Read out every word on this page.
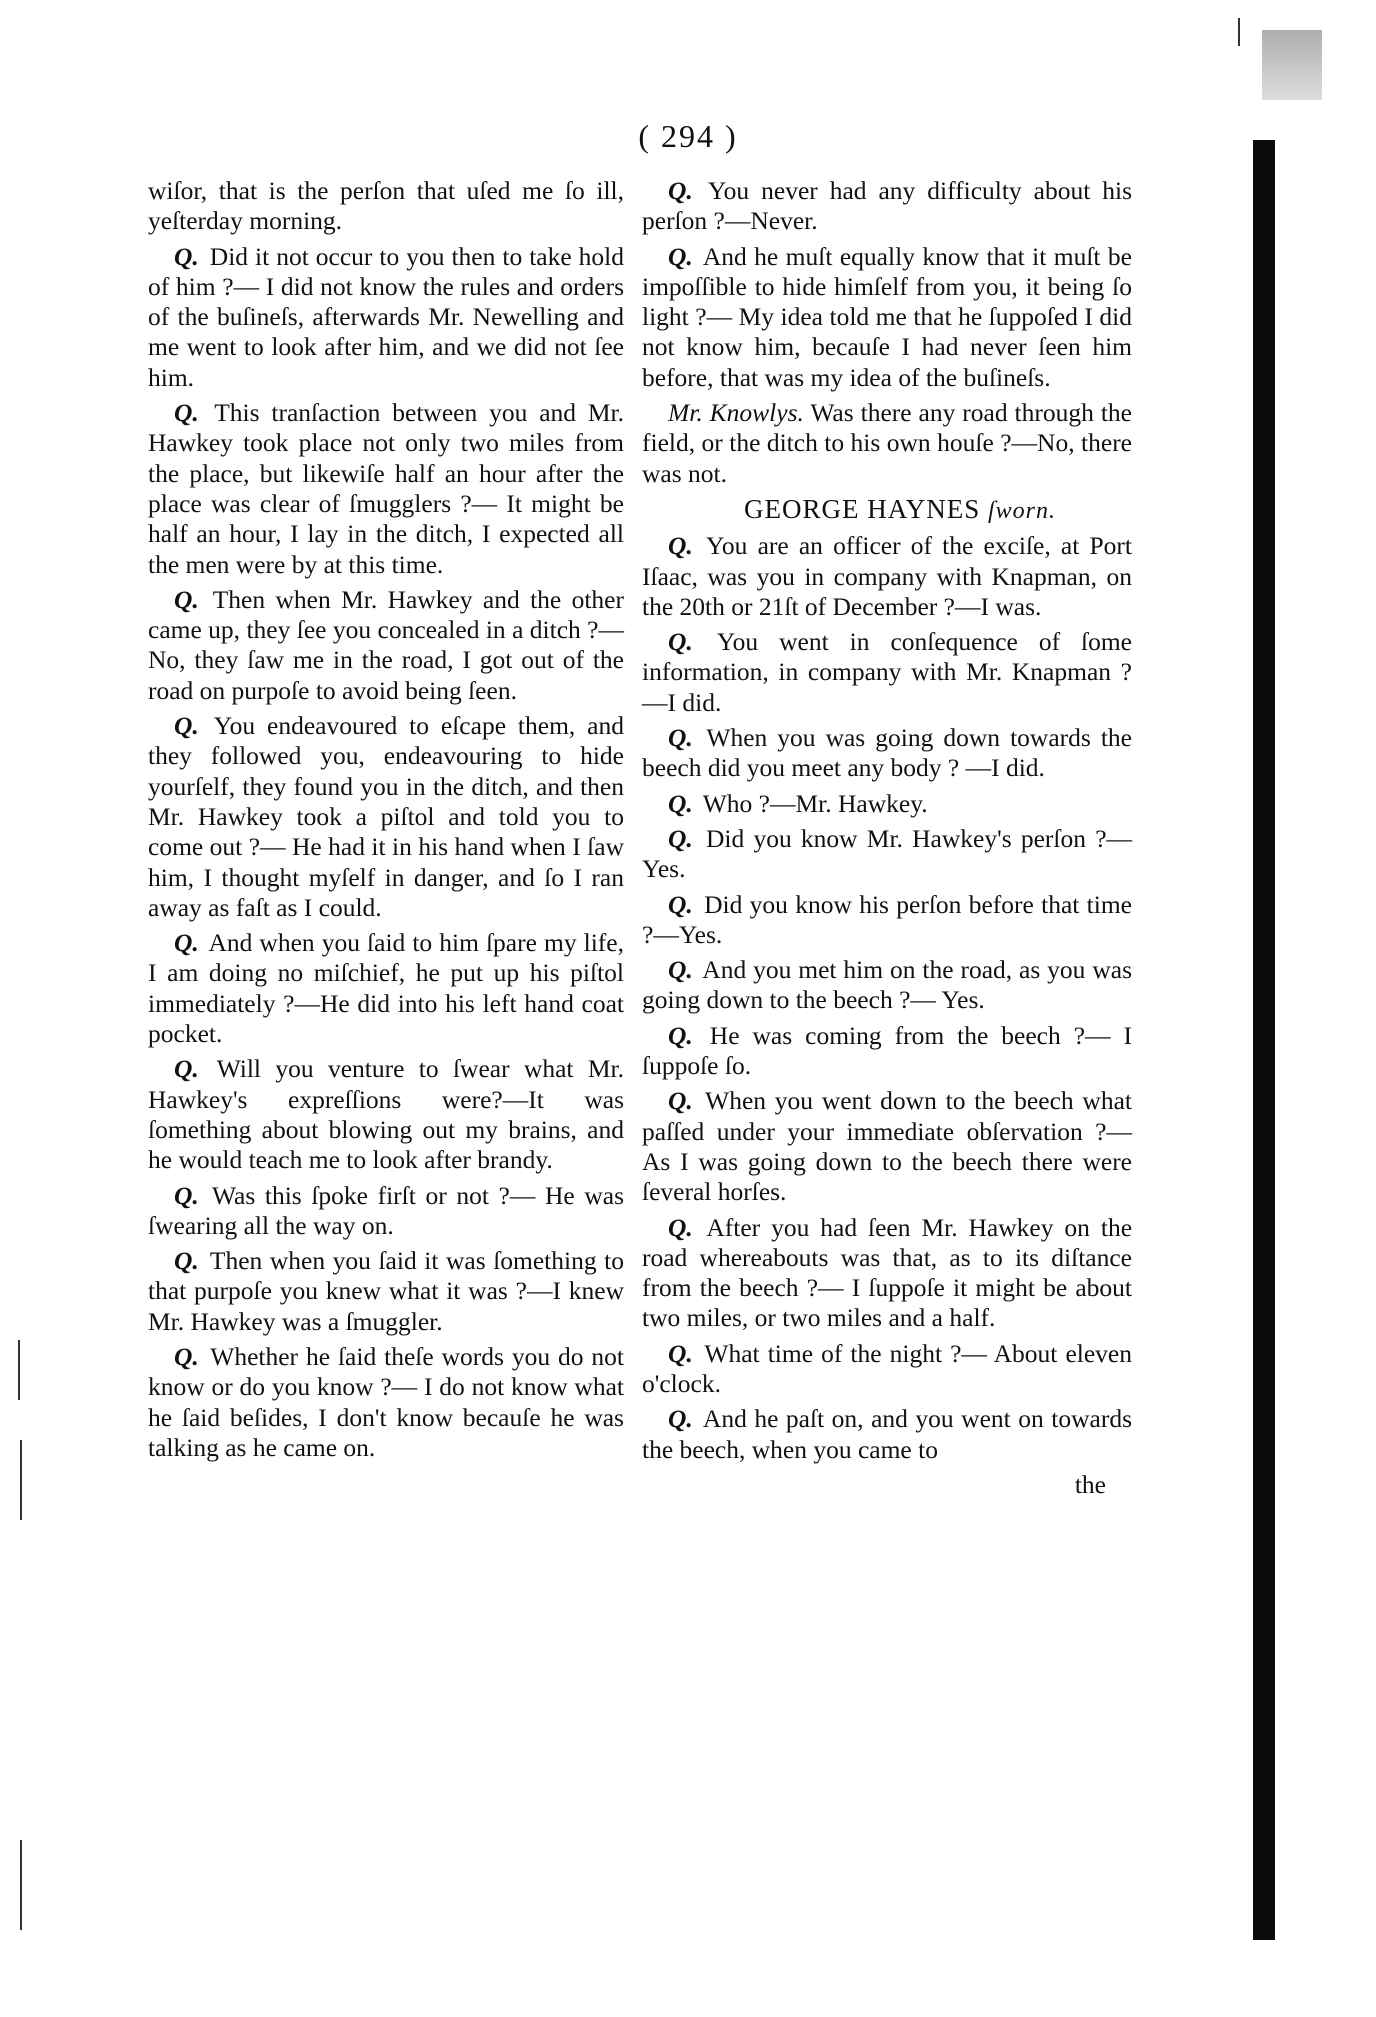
( 294 )

wiſor, that is the perſon that uſed me ſo ill, yeſterday morning.

Q. Did it not occur to you then to take hold of him ?— I did not know the rules and orders of the buſineſs, afterwards Mr. Newelling and me went to look after him, and we did not ſee him.

Q. This tranſaction between you and Mr. Hawkey took place not only two miles from the place, but likewiſe half an hour after the place was clear of ſmugglers ?— It might be half an hour, I lay in the ditch, I expected all the men were by at this time.

Q. Then when Mr. Hawkey and the other came up, they ſee you concealed in a ditch ?— No, they ſaw me in the road, I got out of the road on purpoſe to avoid being ſeen.

Q. You endeavoured to eſcape them, and they followed you, endeavouring to hide yourſelf, they found you in the ditch, and then Mr. Hawkey took a piſtol and told you to come out ?— He had it in his hand when I ſaw him, I thought myſelf in danger, and ſo I ran away as faſt as I could.

Q. And when you ſaid to him ſpare my life, I am doing no miſchief, he put up his piſtol immediately ?—He did into his left hand coat pocket.

Q. Will you venture to ſwear what Mr. Hawkey's expreſſions were?—It was ſomething about blowing out my brains, and he would teach me to look after brandy.

Q. Was this ſpoke firſt or not ?— He was ſwearing all the way on.

Q. Then when you ſaid it was ſomething to that purpoſe you knew what it was ?—I knew Mr. Hawkey was a ſmuggler.

Q. Whether he ſaid theſe words you do not know or do you know ?— I do not know what he ſaid beſides, I don't know becauſe he was talking as he came on.

Q. You never had any difficulty about his perſon ?—Never.

Q. And he muſt equally know that it muſt be impoſſible to hide himſelf from you, it being ſo light ?— My idea told me that he ſuppoſed I did not know him, becauſe I had never ſeen him before, that was my idea of the buſineſs.

Mr. Knowlys. Was there any road through the field, or the ditch to his own houſe ?—No, there was not.

GEORGE HAYNES ſworn.

Q. You are an officer of the exciſe, at Port Iſaac, was you in company with Knapman, on the 20th or 21ſt of December ?—I was.

Q. You went in conſequence of ſome information, in company with Mr. Knapman ?—I did.

Q. When you was going down towards the beech did you meet any body ? —I did.

Q. Who ?—Mr. Hawkey.

Q. Did you know Mr. Hawkey's perſon ?—Yes.

Q. Did you know his perſon before that time ?—Yes.

Q. And you met him on the road, as you was going down to the beech ?— Yes.

Q. He was coming from the beech ?— I ſuppoſe ſo.

Q. When you went down to the beech what paſſed under your immediate obſervation ?— As I was going down to the beech there were ſeveral horſes.

Q. After you had ſeen Mr. Hawkey on the road whereabouts was that, as to its diſtance from the beech ?— I ſuppoſe it might be about two miles, or two miles and a half.

Q. What time of the night ?— About eleven o'clock.

Q. And he paſt on, and you went on towards the beech, when you came to

the
